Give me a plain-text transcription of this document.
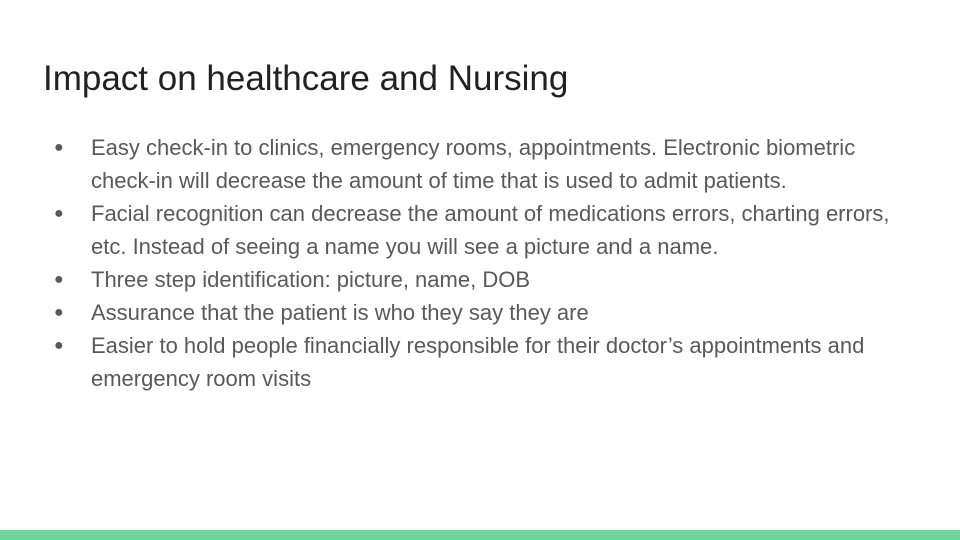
Impact on healthcare and Nursing
● Easy check-in to clinics, emergency rooms, appointments. Electronic biometric check-in will decrease the amount of time that is used to admit patients.
● Facial recognition can decrease the amount of medications errors, charting errors, etc. Instead of seeing a name you will see a picture and a name.
● Three step identification: picture, name, DOB
● Assurance that the patient is who they say they are
● Easier to hold people financially responsible for their doctor’s appointments and emergency room visits
